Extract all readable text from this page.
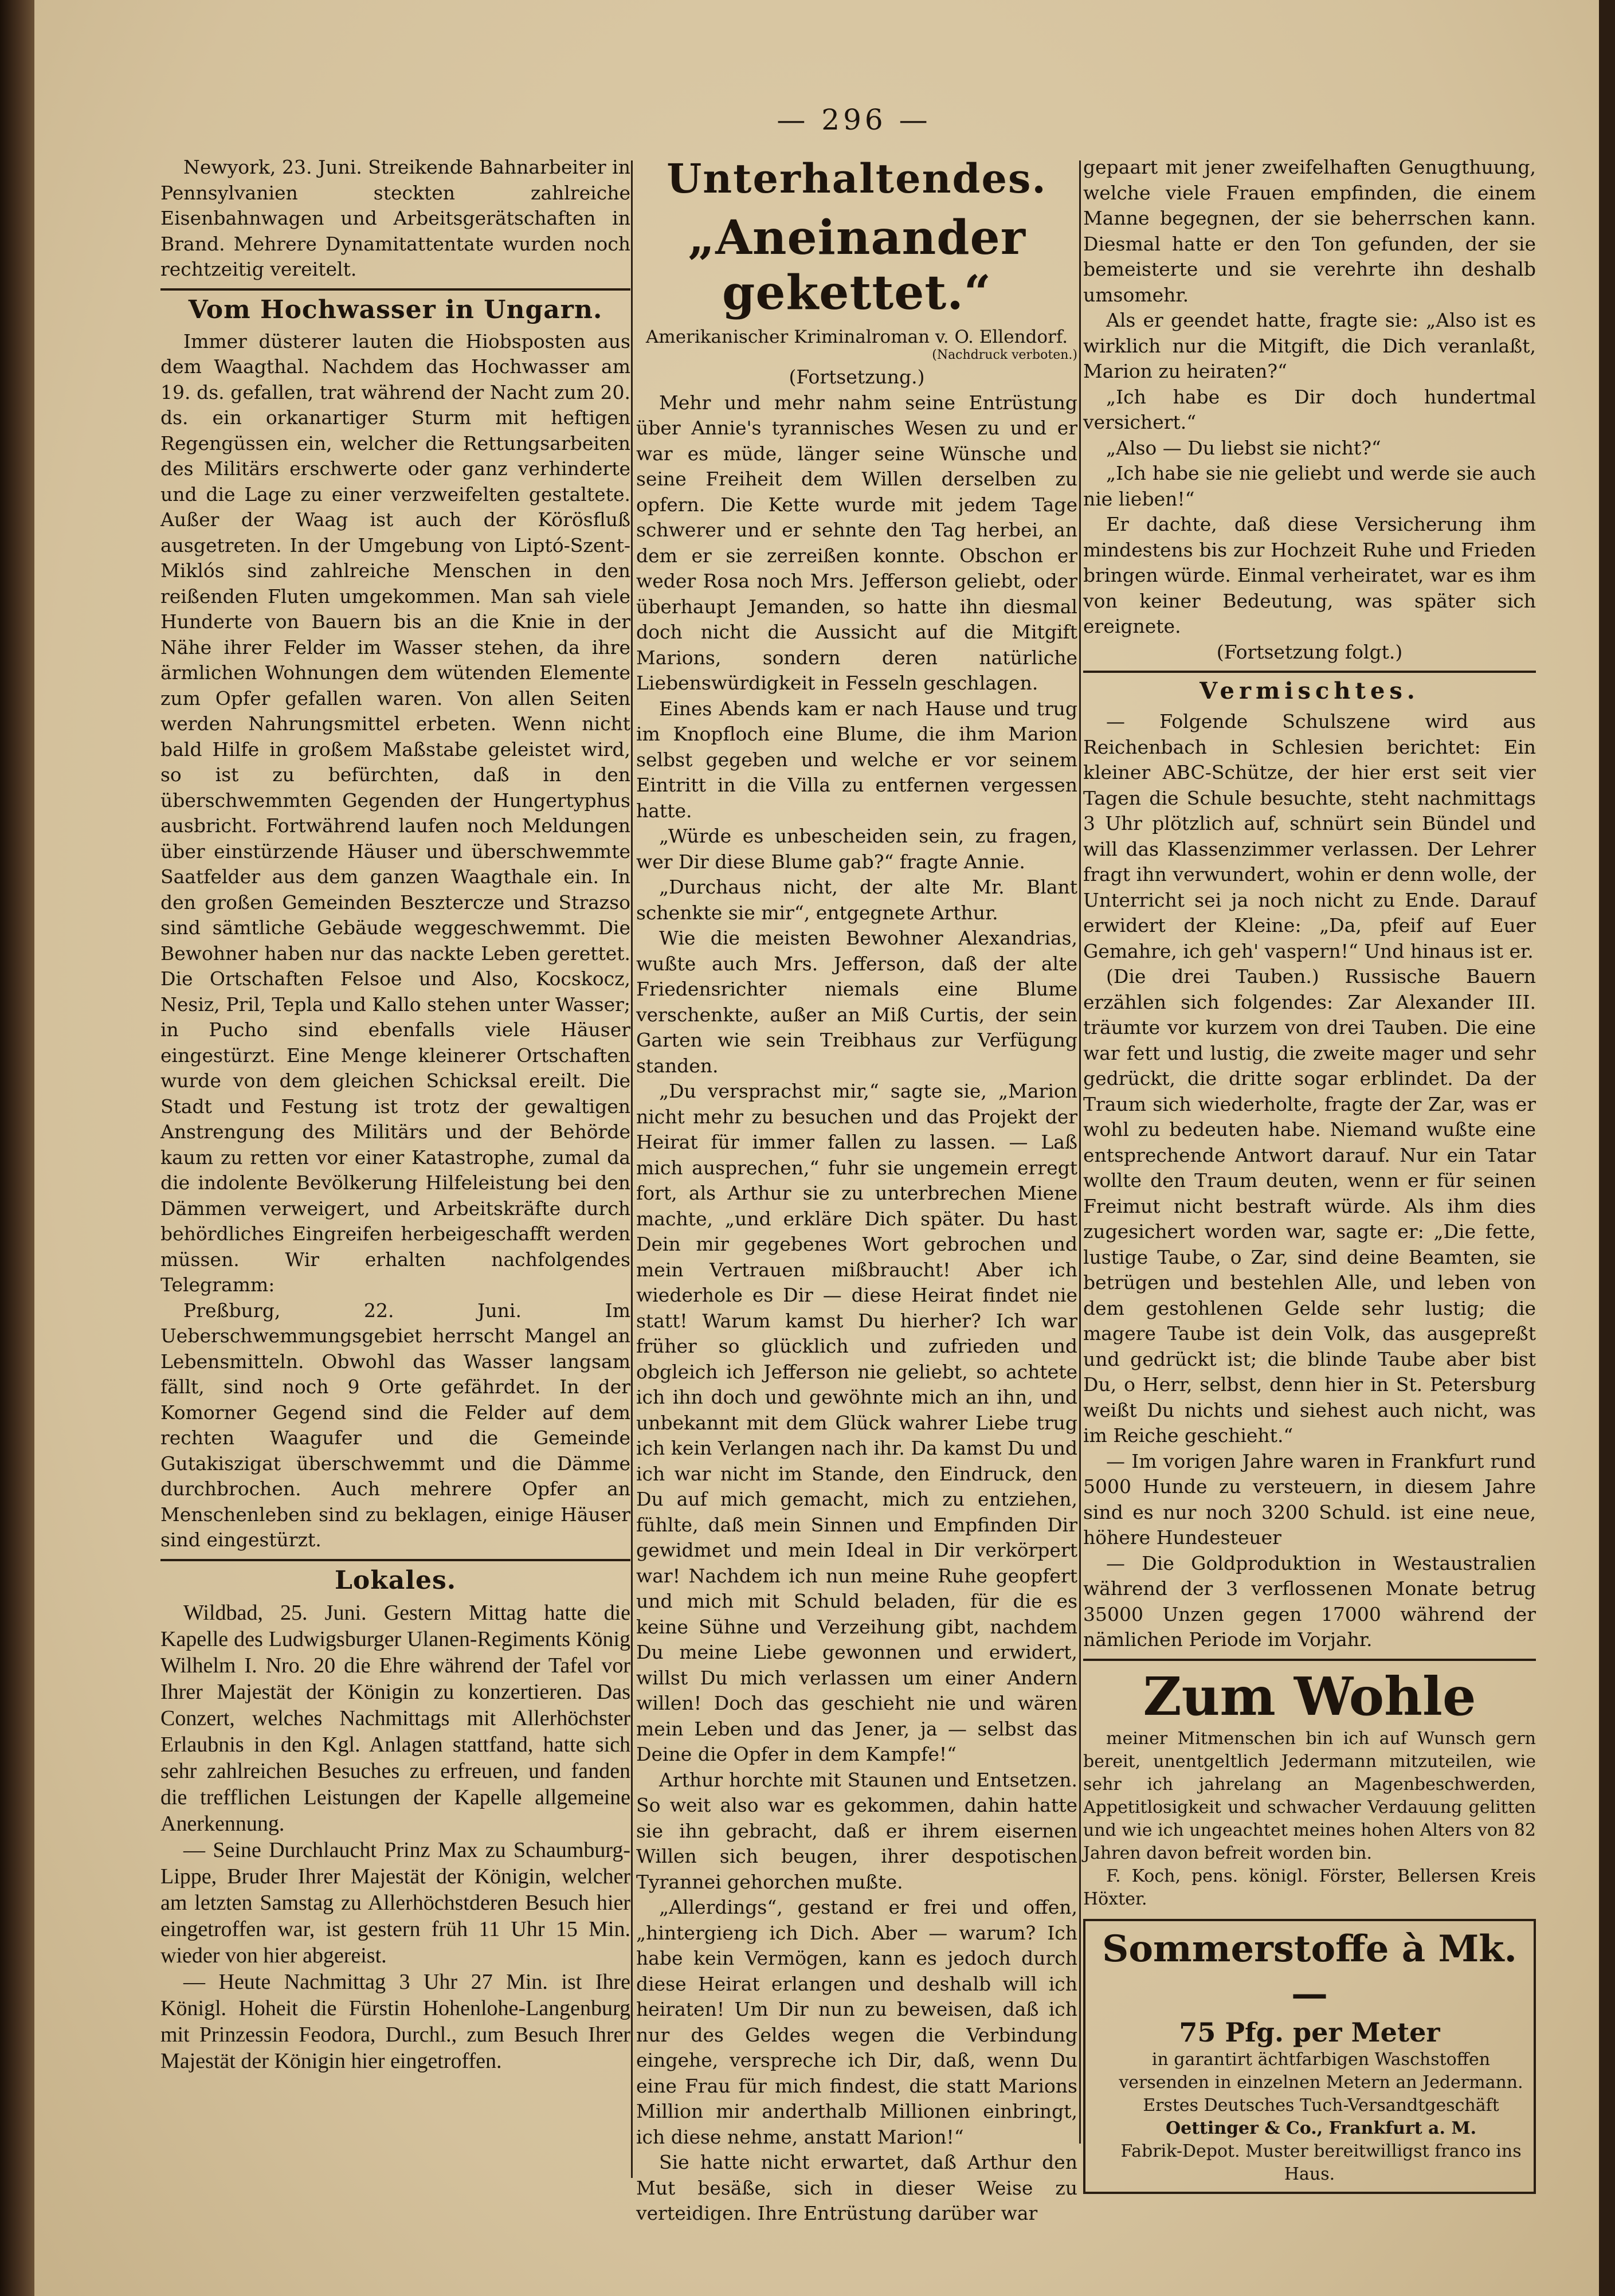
— 296 —

Newyork, 23. Juni. Streikende Bahnarbeiter in Pennsylvanien steckten zahlreiche Eisenbahnwagen und Arbeitsgerätschaften in Brand. Mehrere Dynamitattentate wurden noch rechtzeitig vereitelt.

Vom Hochwasser in Ungarn.

Immer düsterer lauten die Hiobsposten aus dem Waagthal. Nachdem das Hochwasser am 19. ds. gefallen, trat während der Nacht zum 20. ds. ein orkanartiger Sturm mit heftigen Regengüssen ein, welcher die Rettungsarbeiten des Militärs erschwerte oder ganz verhinderte und die Lage zu einer verzweifelten gestaltete. Außer der Waag ist auch der Körösfluß ausgetreten. In der Umgebung von Liptó-Szent-Miklós sind zahlreiche Menschen in den reißenden Fluten umgekommen. Man sah viele Hunderte von Bauern bis an die Knie in der Nähe ihrer Felder im Wasser stehen, da ihre ärmlichen Wohnungen dem wütenden Elemente zum Opfer gefallen waren. Von allen Seiten werden Nahrungsmittel erbeten. Wenn nicht bald Hilfe in großem Maßstabe geleistet wird, so ist zu befürchten, daß in den überschwemmten Gegenden der Hungertyphus ausbricht. Fortwährend laufen noch Meldungen über einstürzende Häuser und überschwemmte Saatfelder aus dem ganzen Waagthale ein. In den großen Gemeinden Besztercze und Strazso sind sämtliche Gebäude weggeschwemmt. Die Bewohner haben nur das nackte Leben gerettet. Die Ortschaften Felsoe und Also, Kocskocz, Nesiz, Pril, Tepla und Kallo stehen unter Wasser; in Pucho sind ebenfalls viele Häuser eingestürzt. Eine Menge kleinerer Ortschaften wurde von dem gleichen Schicksal ereilt. Die Stadt und Festung ist trotz der gewaltigen Anstrengung des Militärs und der Behörde kaum zu retten vor einer Katastrophe, zumal da die indolente Bevölkerung Hilfeleistung bei den Dämmen verweigert, und Arbeitskräfte durch behördliches Eingreifen herbeigeschafft werden müssen. Wir erhalten nachfolgendes Telegramm:

Preßburg, 22. Juni. Im Ueberschwemmungsgebiet herrscht Mangel an Lebensmitteln. Obwohl das Wasser langsam fällt, sind noch 9 Orte gefährdet. In der Komorner Gegend sind die Felder auf dem rechten Waagufer und die Gemeinde Gutakiszigat überschwemmt und die Dämme durchbrochen. Auch mehrere Opfer an Menschenleben sind zu beklagen, einige Häuser sind eingestürzt.

Lokales.

Wildbad, 25. Juni. Gestern Mittag hatte die Kapelle des Ludwigsburger Ulanen-Regiments König Wilhelm I. Nro. 20 die Ehre während der Tafel vor Ihrer Majestät der Königin zu konzertieren. Das Conzert, welches Nachmittags mit Allerhöchster Erlaubnis in den Kgl. Anlagen stattfand, hatte sich sehr zahlreichen Besuches zu erfreuen, und fanden die trefflichen Leistungen der Kapelle allgemeine Anerkennung.

— Seine Durchlaucht Prinz Max zu Schaumburg-Lippe, Bruder Ihrer Majestät der Königin, welcher am letzten Samstag zu Allerhöchstderen Besuch hier eingetroffen war, ist gestern früh 11 Uhr 15 Min. wieder von hier abgereist.

— Heute Nachmittag 3 Uhr 27 Min. ist Ihre Königl. Hoheit die Fürstin Hohenlohe-Langenburg mit Prinzessin Feodora, Durchl., zum Besuch Ihrer Majestät der Königin hier eingetroffen.

Unterhaltendes.
„Aneinander gekettet.“
Amerikanischer Kriminalroman v. O. Ellendorf.
(Nachdruck verboten.)

(Fortsetzung.)

Mehr und mehr nahm seine Entrüstung über Annie's tyrannisches Wesen zu und er war es müde, länger seine Wünsche und seine Freiheit dem Willen derselben zu opfern. Die Kette wurde mit jedem Tage schwerer und er sehnte den Tag herbei, an dem er sie zerreißen konnte. Obschon er weder Rosa noch Mrs. Jefferson geliebt, oder überhaupt Jemanden, so hatte ihn diesmal doch nicht die Aussicht auf die Mitgift Marions, sondern deren natürliche Liebenswürdigkeit in Fesseln geschlagen.

Eines Abends kam er nach Hause und trug im Knopfloch eine Blume, die ihm Marion selbst gegeben und welche er vor seinem Eintritt in die Villa zu entfernen vergessen hatte.

„Würde es unbescheiden sein, zu fragen, wer Dir diese Blume gab?“ fragte Annie.

„Durchaus nicht, der alte Mr. Blant schenkte sie mir“, entgegnete Arthur.

Wie die meisten Bewohner Alexandrias, wußte auch Mrs. Jefferson, daß der alte Friedensrichter niemals eine Blume verschenkte, außer an Miß Curtis, der sein Garten wie sein Treibhaus zur Verfügung standen.

„Du versprachst mir,“ sagte sie, „Marion nicht mehr zu besuchen und das Projekt der Heirat für immer fallen zu lassen. — Laß mich ausprechen,“ fuhr sie ungemein erregt fort, als Arthur sie zu unterbrechen Miene machte, „und erkläre Dich später. Du hast Dein mir gegebenes Wort gebrochen und mein Vertrauen mißbraucht! Aber ich wiederhole es Dir — diese Heirat findet nie statt! Warum kamst Du hierher? Ich war früher so glücklich und zufrieden und obgleich ich Jefferson nie geliebt, so achtete ich ihn doch und gewöhnte mich an ihn, und unbekannt mit dem Glück wahrer Liebe trug ich kein Verlangen nach ihr. Da kamst Du und ich war nicht im Stande, den Eindruck, den Du auf mich gemacht, mich zu entziehen, fühlte, daß mein Sinnen und Empfinden Dir gewidmet und mein Ideal in Dir verkörpert war! Nachdem ich nun meine Ruhe geopfert und mich mit Schuld beladen, für die es keine Sühne und Verzeihung gibt, nachdem Du meine Liebe gewonnen und erwidert, willst Du mich verlassen um einer Andern willen! Doch das geschieht nie und wären mein Leben und das Jener, ja — selbst das Deine die Opfer in dem Kampfe!“

Arthur horchte mit Staunen und Entsetzen. So weit also war es gekommen, dahin hatte sie ihn gebracht, daß er ihrem eisernen Willen sich beugen, ihrer despotischen Tyrannei gehorchen mußte.

„Allerdings“, gestand er frei und offen, „hintergieng ich Dich. Aber — warum? Ich habe kein Vermögen, kann es jedoch durch diese Heirat erlangen und deshalb will ich heiraten! Um Dir nun zu beweisen, daß ich nur des Geldes wegen die Verbindung eingehe, verspreche ich Dir, daß, wenn Du eine Frau für mich findest, die statt Marions Million mir anderthalb Millionen einbringt, ich diese nehme, anstatt Marion!“

Sie hatte nicht erwartet, daß Arthur den Mut besäße, sich in dieser Weise zu verteidigen. Ihre Entrüstung darüber war

gepaart mit jener zweifelhaften Genugthuung, welche viele Frauen empfinden, die einem Manne begegnen, der sie beherrschen kann. Diesmal hatte er den Ton gefunden, der sie bemeisterte und sie verehrte ihn deshalb umsomehr.

Als er geendet hatte, fragte sie: „Also ist es wirklich nur die Mitgift, die Dich veranlaßt, Marion zu heiraten?“

„Ich habe es Dir doch hundertmal versichert.“

„Also — Du liebst sie nicht?“

„Ich habe sie nie geliebt und werde sie auch nie lieben!“

Er dachte, daß diese Versicherung ihm mindestens bis zur Hochzeit Ruhe und Frieden bringen würde. Einmal verheiratet, war es ihm von keiner Bedeutung, was später sich ereignete.

(Fortsetzung folgt.)

Vermischtes.

— Folgende Schulszene wird aus Reichenbach in Schlesien berichtet: Ein kleiner ABC-Schütze, der hier erst seit vier Tagen die Schule besuchte, steht nachmittags 3 Uhr plötzlich auf, schnürt sein Bündel und will das Klassenzimmer verlassen. Der Lehrer fragt ihn verwundert, wohin er denn wolle, der Unterricht sei ja noch nicht zu Ende. Darauf erwidert der Kleine: „Da, pfeif auf Euer Gemahre, ich geh' vaspern!“ Und hinaus ist er.

(Die drei Tauben.) Russische Bauern erzählen sich folgendes: Zar Alexander III. träumte vor kurzem von drei Tauben. Die eine war fett und lustig, die zweite mager und sehr gedrückt, die dritte sogar erblindet. Da der Traum sich wiederholte, fragte der Zar, was er wohl zu bedeuten habe. Niemand wußte eine entsprechende Antwort darauf. Nur ein Tatar wollte den Traum deuten, wenn er für seinen Freimut nicht bestraft würde. Als ihm dies zugesichert worden war, sagte er: „Die fette, lustige Taube, o Zar, sind deine Beamten, sie betrügen und bestehlen Alle, und leben von dem gestohlenen Gelde sehr lustig; die magere Taube ist dein Volk, das ausgepreßt und gedrückt ist; die blinde Taube aber bist Du, o Herr, selbst, denn hier in St. Petersburg weißt Du nichts und siehest auch nicht, was im Reiche geschieht.“

— Im vorigen Jahre waren in Frankfurt rund 5000 Hunde zu versteuern, in diesem Jahre sind es nur noch 3200 Schuld. ist eine neue, höhere Hundesteuer

— Die Goldproduktion in Westaustralien während der 3 verflossenen Monate betrug 35000 Unzen gegen 17000 während der nämlichen Periode im Vorjahr.

Zum Wohle

meiner Mitmenschen bin ich auf Wunsch gern bereit, unentgeltlich Jedermann mitzuteilen, wie sehr ich jahrelang an Magenbeschwerden, Appetitlosigkeit und schwacher Verdauung gelitten und wie ich ungeachtet meines hohen Alters von 82 Jahren davon befreit worden bin.

F. Koch, pens. königl. Förster, Bellersen Kreis Höxter.

Sommerstoffe à Mk. —
75 Pfg. per Meter

in garantirt ächtfarbigen Waschstoffen

versenden in einzelnen Metern an Jedermann.

Erstes Deutsches Tuch-Versandtgeschäft

Oettinger & Co., Frankfurt a. M.

Fabrik-Depot. Muster bereitwilligst franco ins Haus.
